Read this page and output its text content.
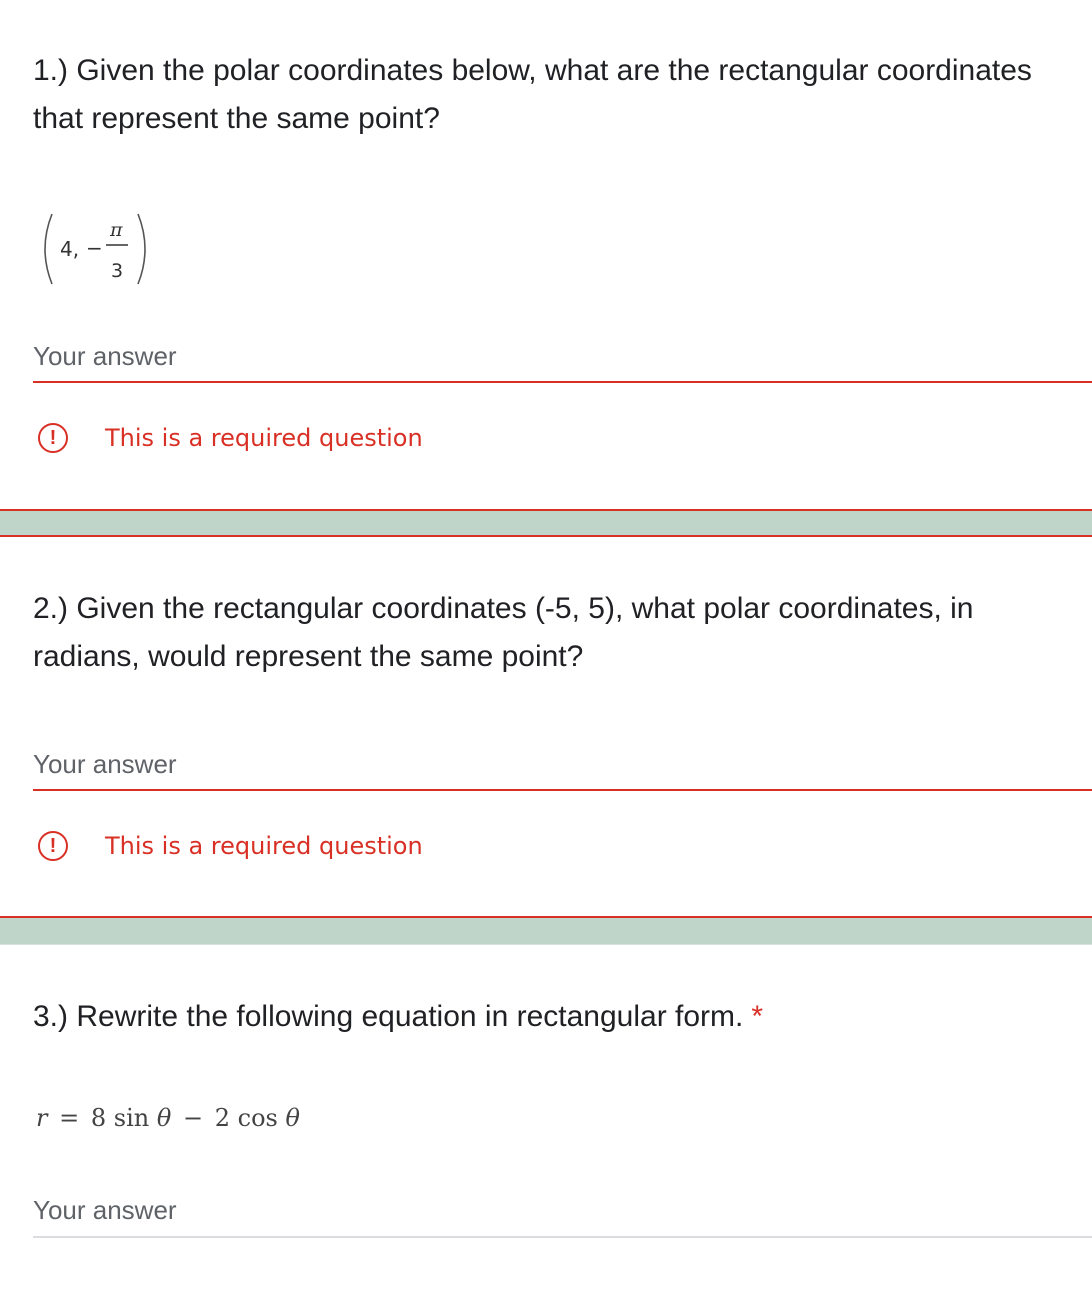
1.) Given the polar coordinates below, what are the rectangular coordinates that represent the same point?
4, −
π
3
Your answer
!	This is a required question
2.) Given the rectangular coordinates (-5, 5), what polar coordinates, in radians, would represent the same point?
Your answer
!	This is a required question
3.) Rewrite the following equation in rectangular form. *
r = 8 sin θ − 2 cos θ
Your answer
